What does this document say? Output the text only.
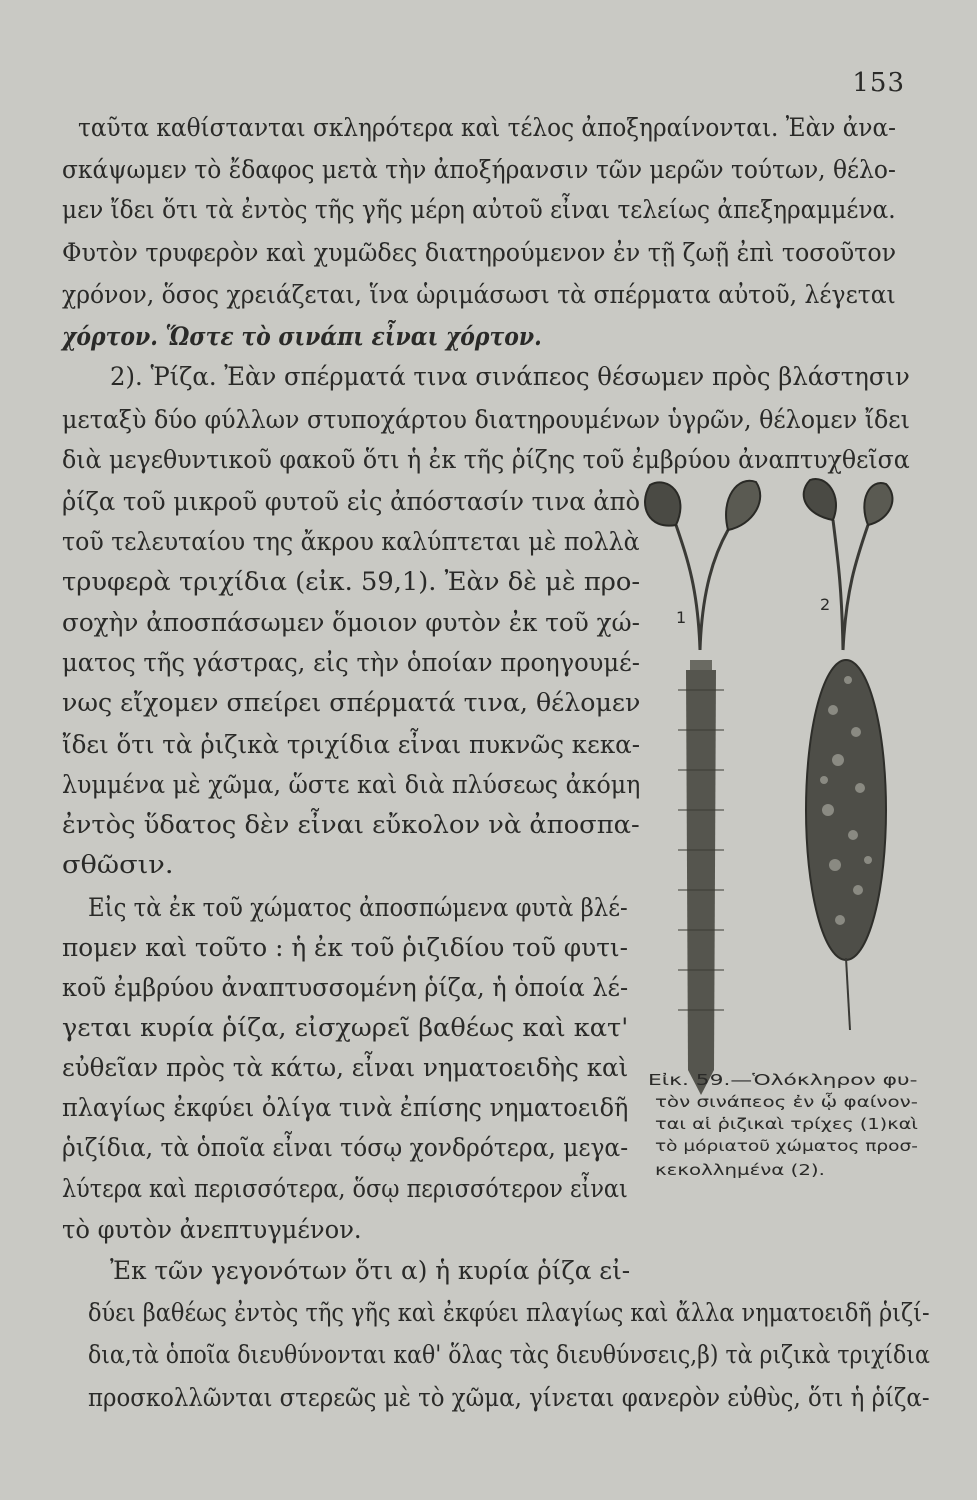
153
ταῦτα καθίστανται σκληρότερα καὶ τέλος ἀποξηραίνονται. Ἐὰν ἀνα-
σκάψωμεν τὸ ἔδαφος μετὰ τὴν ἀποξήρανσιν τῶν μερῶν τούτων, θέλο-
μεν ἴδει ὅτι τὰ ἐντὸς τῆς γῆς μέρη αὐτοῦ εἶναι τελείως ἀπεξηραμμένα.
Φυτὸν τρυφερὸν καὶ χυμῶδες διατηρούμενον ἐν τῇ ζωῇ ἐπὶ τοσοῦτον
χρόνον, ὅσος χρειάζεται, ἵνα ὡριμάσωσι τὰ σπέρματα αὐτοῦ, λέγεται
χόρτον. Ὥστε τὸ σινάπι εἶναι χόρτον.
2). Ῥίζα. Ἐὰν σπέρματά τινα σινάπεος θέσωμεν πρὸς βλάστησιν
μεταξὺ δύο φύλλων στυποχάρτου διατηρουμένων ὑγρῶν, θέλομεν ἴδει
διὰ μεγεθυντικοῦ φακοῦ ὅτι ἡ ἐκ τῆς ῥίζης τοῦ ἐμβρύου ἀναπτυχθεῖσα
ῥίζα τοῦ μικροῦ φυτοῦ εἰς ἀπόστασίν τινα ἀπὸ
τοῦ τελευταίου της ἄκρου καλύπτεται μὲ πολλὰ
τρυφερὰ τριχίδια (εἰκ. 59,1). Ἐὰν δὲ μὲ προ-
σοχὴν ἀποσπάσωμεν ὅμοιον φυτὸν ἐκ τοῦ χώ-
ματος τῆς γάστρας, εἰς τὴν ὁποίαν προηγουμέ-
νως εἴχομεν σπείρει σπέρματά τινα, θέλομεν
ἴδει ὅτι τὰ ῥιζικὰ τριχίδια εἶναι πυκνῶς κεκα-
λυμμένα μὲ χῶμα, ὥστε καὶ διὰ πλύσεως ἀκόμη
ἐντὸς ὕδατος δὲν εἶναι εὔκολον νὰ ἀποσπα-
σθῶσιν.
Εἰς τὰ ἐκ τοῦ χώματος ἀποσπώμενα φυτὰ βλέ-
πομεν καὶ τοῦτο : ἡ ἐκ τοῦ ῥιζιδίου τοῦ φυτι-
κοῦ ἐμβρύου ἀναπτυσσομένη ῥίζα, ἡ ὁποία λέ-
γεται κυρία ῥίζα, εἰσχωρεῖ βαθέως καὶ κατ'
εὐθεῖαν πρὸς τὰ κάτω, εἶναι νηματοειδὴς καὶ
πλαγίως ἐκφύει ὀλίγα τινὰ ἐπίσης νηματοειδῆ
ῥιζίδια, τὰ ὁποῖα εἶναι τόσῳ χονδρότερα, μεγα-
λύτερα καὶ περισσότερα, ὅσῳ περισσότερον εἶναι
τὸ φυτὸν ἀνεπτυγμένον.
Ἐκ τῶν γεγονότων ὅτι α) ἡ κυρία ῥίζα εἰ-
δύει βαθέως ἐντὸς τῆς γῆς καὶ ἐκφύει πλαγίως καὶ ἄλλα νηματοειδῆ ῥιζί-
δια,τὰ ὁποῖα διευθύνονται καθ' ὅλας τὰς διευθύνσεις,β) τὰ ριζικὰ τριχίδια
προσκολλῶνται στερεῶς μὲ τὸ χῶμα, γίνεται φανερὸν εὐθὺς, ὅτι ἡ ῥίζα-
1
2
Εἰκ. 59.—Ὁλόκληρον φυ-
τὸν σινάπεος ἐν ᾧ φαίνον-
ται αἱ ῥιζικαὶ τρίχες (1)καὶ
τὸ μόριατοῦ χώματος προσ-
κεκολλημένα (2).
